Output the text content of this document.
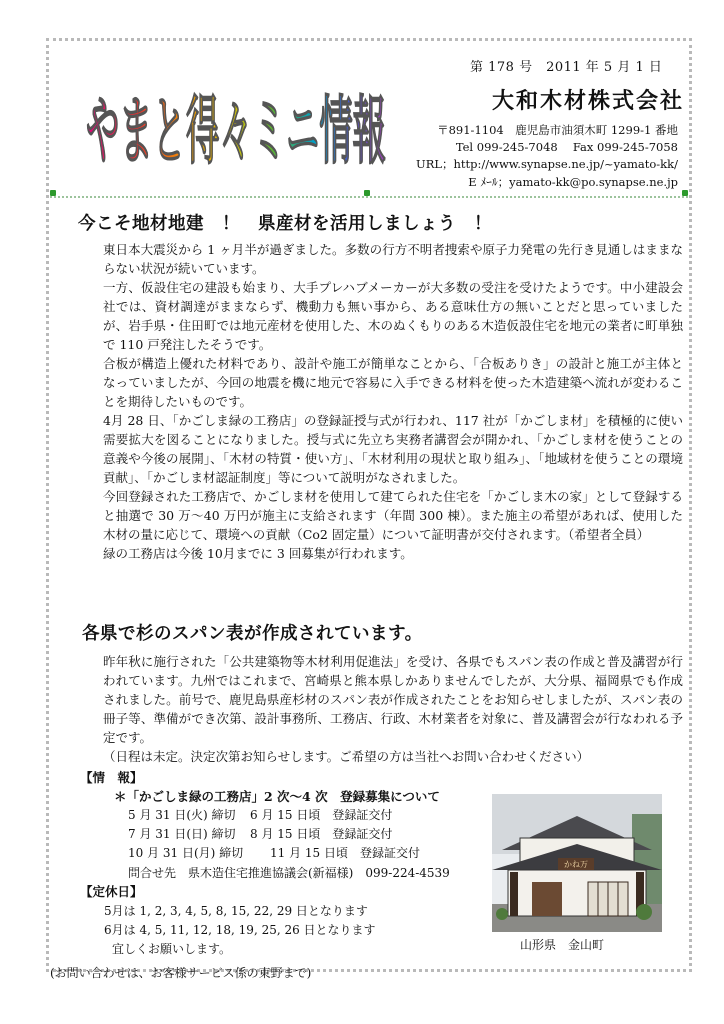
やまと得々ミニ情報
第 178 号　2011 年 5 月 1 日
大和木材株式会社
〒891-1104　鹿児島市油須木町 1299-1 番地
Tel 099-245-7048　 Fax 099-245-7058
URL；http://www.synapse.ne.jp/~yamato-kk/
E ﾒｰﾙ；yamato-kk@po.synapse.ne.jp
今こそ地材地建　！　県産材を活用しましょう　！

東日本大震災から 1 ヶ月半が過ぎました。多数の行方不明者捜索や原子力発電の先行き見通しはままならない状況が続いています。

一方、仮設住宅の建設も始まり、大手プレハブメーカーが大多数の受注を受けたようです。中小建設会社では、資材調達がままならず、機動力も無い事から、ある意味仕方の無いことだと思っていましたが、岩手県・住田町では地元産材を使用した、木のぬくもりのある木造仮設住宅を地元の業者に町単独で 110 戸発注したそうです。

合板が構造上優れた材料であり、設計や施工が簡単なことから、「合板ありき」の設計と施工が主体となっていましたが、今回の地震を機に地元で容易に入手できる材料を使った木造建築へ流れが変わることを期待したいものです。

4月 28 日、「かごしま緑の工務店」の登録証授与式が行われ、117 社が「かごしま材」を積極的に使い需要拡大を図ることになりました。授与式に先立ち実務者講習会が開かれ、「かごしま材を使うことの意義や今後の展開」、「木材の特質・使い方」、「木材利用の現状と取り組み」、「地域材を使うことの環境貢献」、「かごしま材認証制度」等について説明がなされました。

今回登録された工務店で、かごしま材を使用して建てられた住宅を「かごしま木の家」として登録すると抽選で 30 万～40 万円が施主に支給されます（年間 300 棟）。また施主の希望があれば、使用した木材の量に応じて、環境への貢献（Co2 固定量）について証明書が交付されます。（希望者全員）

緑の工務店は今後 10月までに 3 回募集が行われます。

各県で杉のスパン表が作成されています。

昨年秋に施行された「公共建築物等木材利用促進法」を受け、各県でもスパン表の作成と普及講習が行われています。九州ではこれまで、宮崎県と熊本県しかありませんでしたが、大分県、福岡県でも作成されました。前号で、鹿児島県産杉材のスパン表が作成されたことをお知らせしましたが、スパン表の冊子等、準備ができ次第、設計事務所、工務店、行政、木材業者を対象に、普及講習会が行なわれる予定です。

（日程は未定。決定次第お知らせします。ご希望の方は当社へお問い合わせください）

【情　報】
＊「かごしま緑の工務店」2 次～4 次　登録募集について
5 月 31 日(火) 締切 6 月 15 日頃　登録証交付
7 月 31 日(日) 締切 8 月 15 日頃　登録証交付
10 月 31 日(月) 締切 11 月 15 日頃　登録証交付
問合せ先　県木造住宅推進協議会(新福様)　099-224-4539
【定休日】
5月は 1, 2, 3, 4, 5, 8, 15, 22, 29 日となります
6月は 4, 5, 11, 12, 18, 19, 25, 26 日となります
宜しくお願いします。
かね万
山形県　金山町
(お問い合わせは、お客様サービス係の東野まで)
